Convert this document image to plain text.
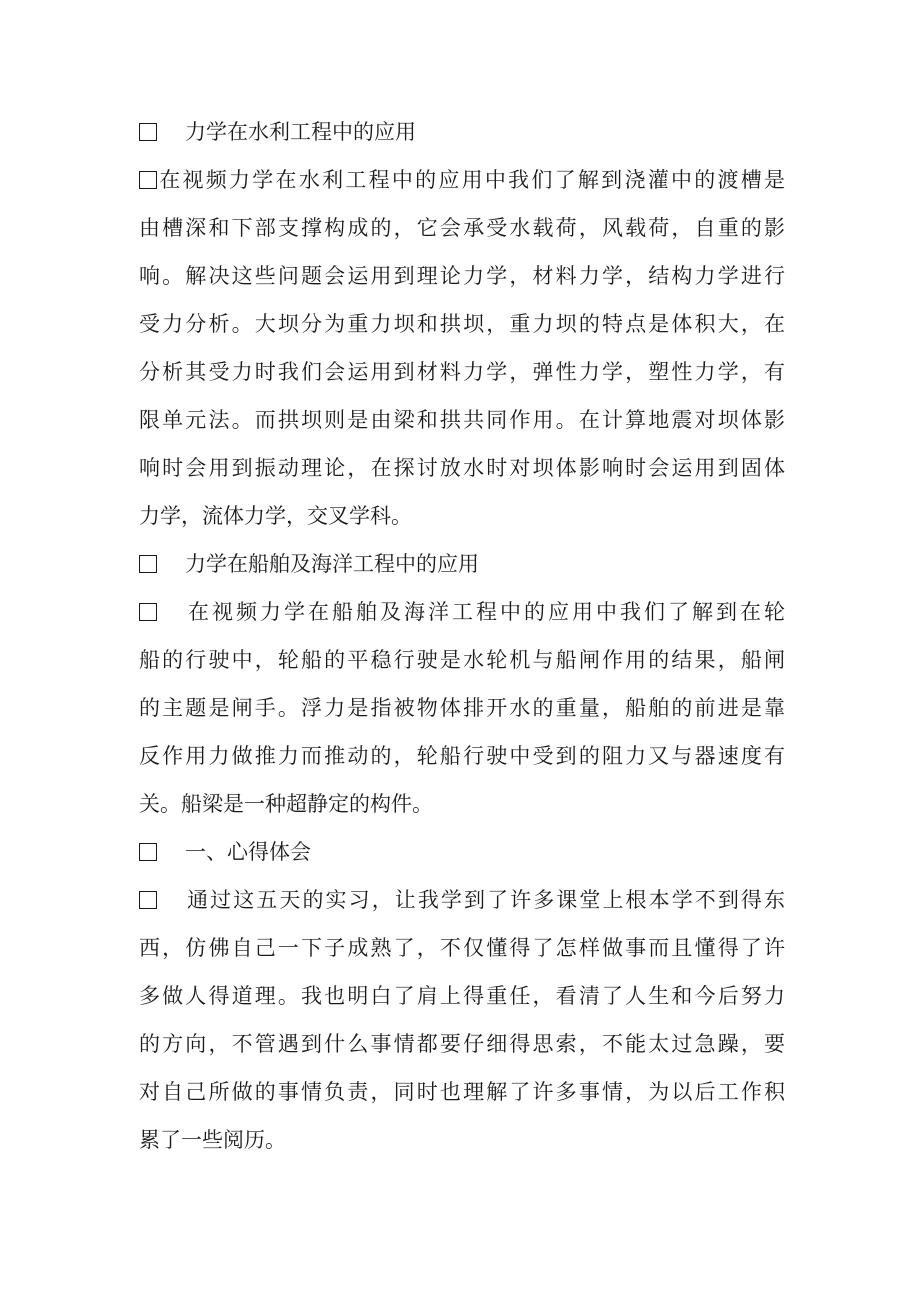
力学在水利工程中的应用
在视频力学在水利工程中的应用中我们了解到浇灌中的渡槽是
由槽深和下部支撑构成的，它会承受水载荷，风载荷，自重的影
响。解决这些问题会运用到理论力学，材料力学，结构力学进行
受力分析。大坝分为重力坝和拱坝，重力坝的特点是体积大，在
分析其受力时我们会运用到材料力学，弹性力学，塑性力学，有
限单元法。而拱坝则是由梁和拱共同作用。在计算地震对坝体影
响时会用到振动理论，在探讨放水时对坝体影响时会运用到固体
力学，流体力学，交叉学科。
力学在船舶及海洋工程中的应用
在视频力学在船舶及海洋工程中的应用中我们了解到在轮
船的行驶中，轮船的平稳行驶是水轮机与船闸作用的结果，船闸
的主题是闸手。浮力是指被物体排开水的重量，船舶的前进是靠
反作用力做推力而推动的，轮船行驶中受到的阻力又与器速度有
关。船梁是一种超静定的构件。
一、心得体会
通过这五天的实习，让我学到了许多课堂上根本学不到得东
西，仿佛自己一下子成熟了，不仅懂得了怎样做事而且懂得了许
多做人得道理。我也明白了肩上得重任，看清了人生和今后努力
的方向，不管遇到什么事情都要仔细得思索，不能太过急躁，要
对自己所做的事情负责，同时也理解了许多事情，为以后工作积
累了一些阅历。
